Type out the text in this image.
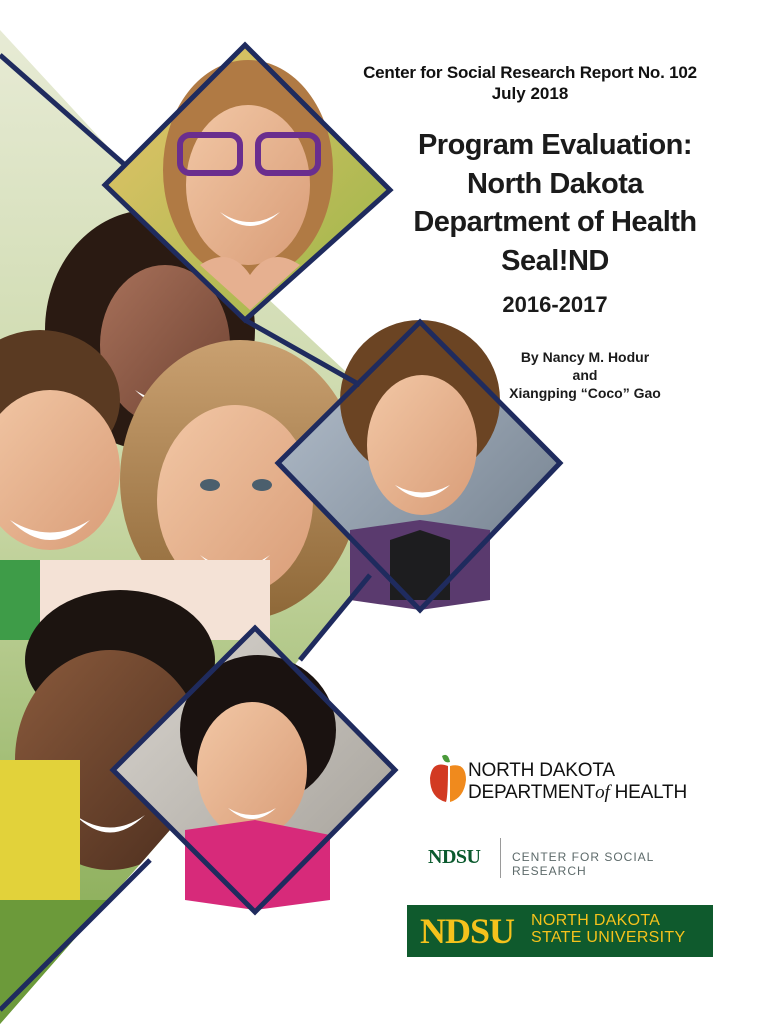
Center for Social Research Report No. 102
July 2018
Program Evaluation:
North Dakota
Department of Health
Seal!ND
2016-2017
By Nancy M. Hodur
and
Xiangping “Coco” Gao
NORTH DAKOTA
DEPARTMENTof HEALTH
NDSU	CENTER FOR SOCIAL RESEARCH
NDSU NORTH DAKOTA
STATE UNIVERSITY
